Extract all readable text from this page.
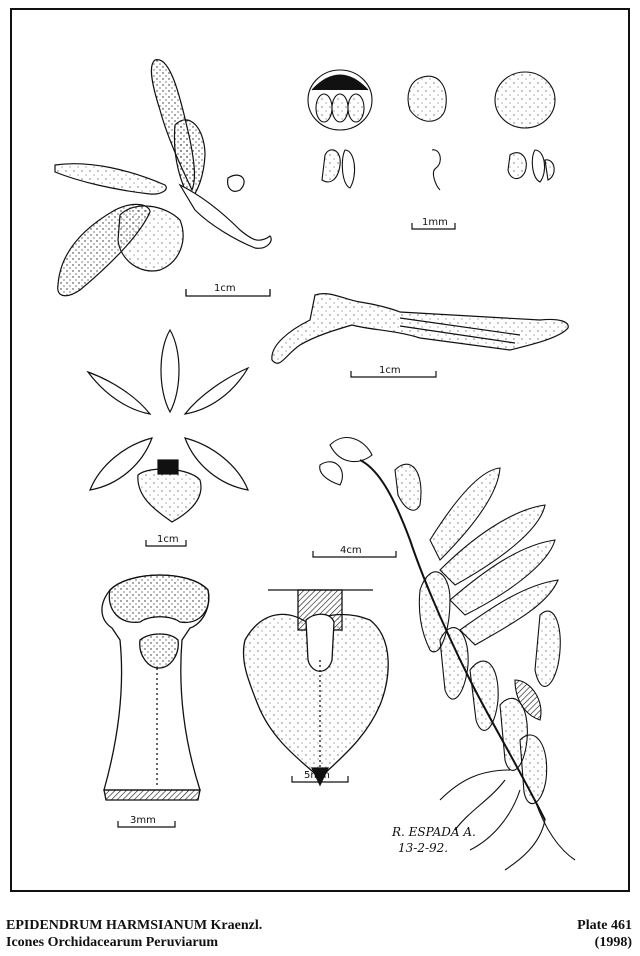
1cm
1mm
1cm
1cm
4cm
3mm
5mm
R. ESPADA A.
13-2-92.
EPIDENDRUM HARMSIANUM Kraenzl.
Icones Orchidacearum Peruviarum
Plate 461
(1998)
